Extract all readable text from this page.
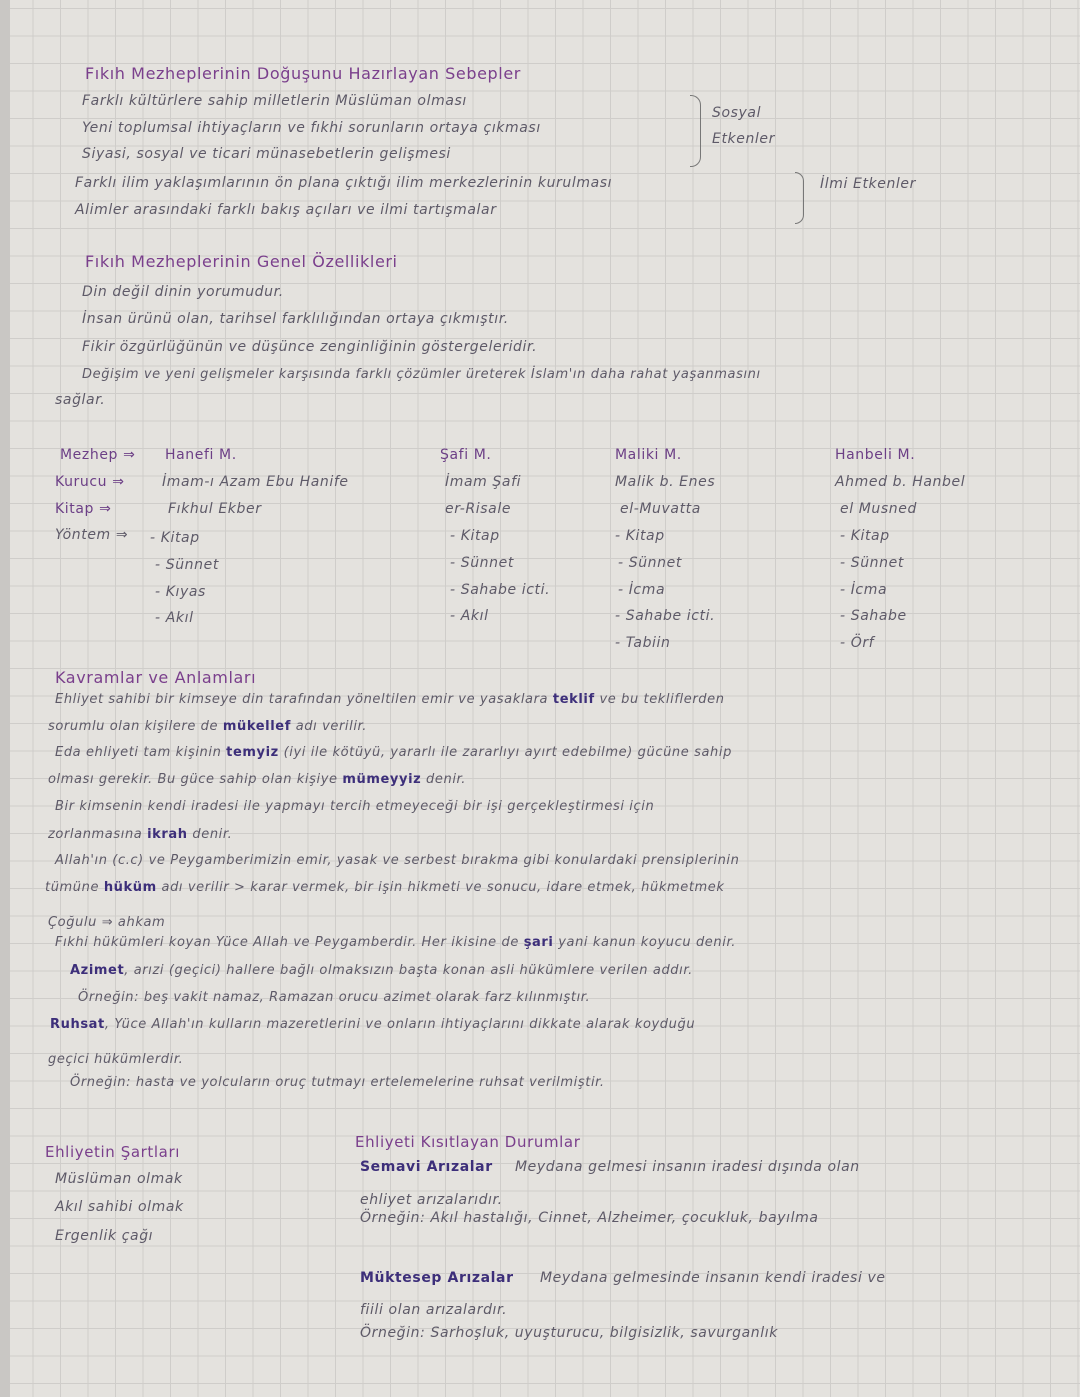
Fıkıh Mezheplerinin Doğuşunu Hazırlayan Sebepler
Farklı kültürlere sahip milletlerin Müslüman olması
Yeni toplumsal ihtiyaçların ve fıkhi sorunların ortaya çıkması
Siyasi, sosyal ve ticari münasebetlerin gelişmesi
Farklı ilim yaklaşımlarının ön plana çıktığı ilim merkezlerinin kurulması
Alimler arasındaki farklı bakış açıları ve ilmi tartışmalar
Sosyal Etkenler
İlmi Etkenler
Fıkıh Mezheplerinin Genel Özellikleri
Din değil dinin yorumudur.
İnsan ürünü olan, tarihsel farklılığından ortaya çıkmıştır.
Fikir özgürlüğünün ve düşünce zenginliğinin göstergeleridir.
Değişim ve yeni gelişmeler karşısında farklı çözümler üreterek İslam'ın daha rahat yaşanmasını
sağlar.
Mezhep ⇒
Kurucu ⇒
Kitap ⇒
Yöntem ⇒
Hanefi M.
İmam-ı Azam Ebu Hanife
Fıkhul Ekber
- Kitap
- Sünnet
- Kıyas
- Akıl
Şafi M.
İmam Şafi
er-Risale
- Kitap
- Sünnet
- Sahabe icti.
- Akıl
Maliki M.
Malik b. Enes
el-Muvatta
- Kitap
- Sünnet
- İcma
- Sahabe icti.
- Tabiin
Hanbeli M.
Ahmed b. Hanbel
el Musned
- Kitap
- Sünnet
- İcma
- Sahabe
- Örf
Kavramlar ve Anlamları
Ehliyet sahibi bir kimseye din tarafından yöneltilen emir ve yasaklara teklif ve bu tekliflerden
sorumlu olan kişilere de mükellef adı verilir.
Eda ehliyeti tam kişinin temyiz (iyi ile kötüyü, yararlı ile zararlıyı ayırt edebilme) gücüne sahip
olması gerekir. Bu güce sahip olan kişiye mümeyyiz denir.
Bir kimsenin kendi iradesi ile yapmayı tercih etmeyeceği bir işi gerçekleştirmesi için
zorlanmasına ikrah denir.
Allah'ın (c.c) ve Peygamberimizin emir, yasak ve serbest bırakma gibi konulardaki prensiplerinin
tümüne hüküm adı verilir > karar vermek, bir işin hikmeti ve sonucu, idare etmek, hükmetmek
Çoğulu ⇒ ahkam
Fıkhi hükümleri koyan Yüce Allah ve Peygamberdir. Her ikisine de şari yani kanun koyucu denir.
Azimet, arızi (geçici) hallere bağlı olmaksızın başta konan asli hükümlere verilen addır.
Örneğin: beş vakit namaz, Ramazan orucu azimet olarak farz kılınmıştır.
Ruhsat, Yüce Allah'ın kulların mazeretlerini ve onların ihtiyaçlarını dikkate alarak koyduğu
geçici hükümlerdir.
Örneğin: hasta ve yolcuların oruç tutmayı ertelemelerine ruhsat verilmiştir.
Ehliyetin Şartları
Müslüman olmak
Akıl sahibi olmak
Ergenlik çağı
Ehliyeti Kısıtlayan Durumlar
Semavi Arızalar Meydana gelmesi insanın iradesi dışında olan
ehliyet arızalarıdır.
Örneğin: Akıl hastalığı, Cinnet, Alzheimer, çocukluk, bayılma
Müktesep Arızalar Meydana gelmesinde insanın kendi iradesi ve
fiili olan arızalardır.
Örneğin: Sarhoşluk, uyuşturucu, bilgisizlik, savurganlık
